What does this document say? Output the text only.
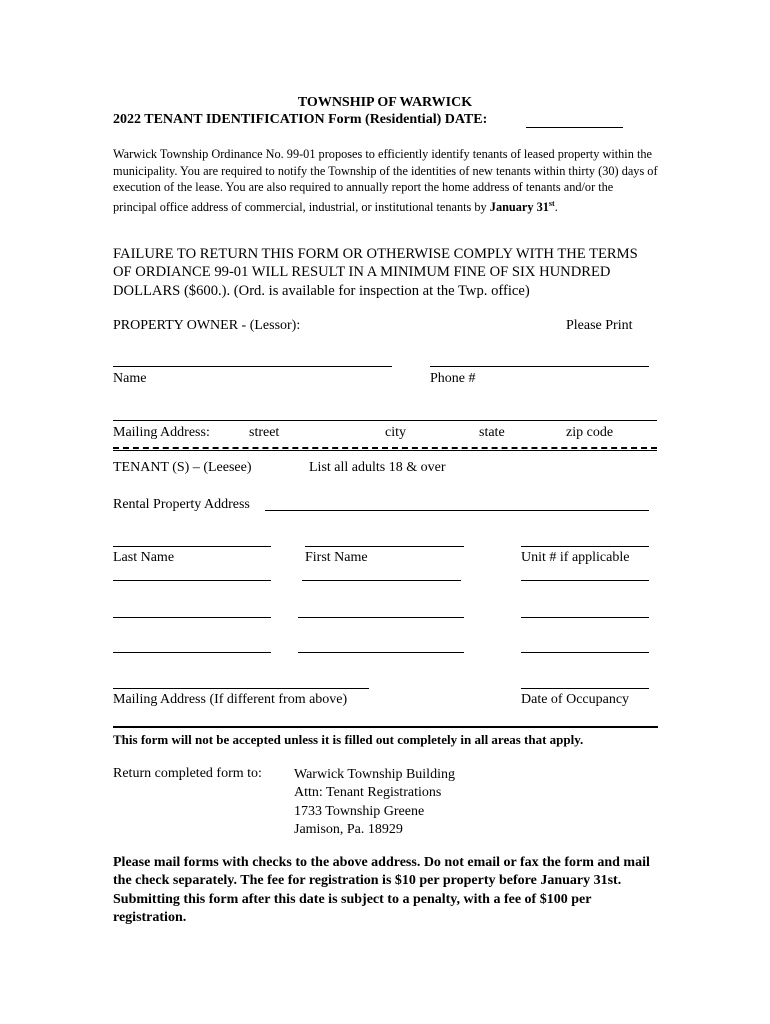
TOWNSHIP OF WARWICK
2022 TENANT IDENTIFICATION Form (Residential) DATE:
Warwick Township Ordinance No. 99-01 proposes to efficiently identify tenants of leased property within the municipality. You are required to notify the Township of the identities of new tenants within thirty (30) days of execution of the lease. You are also required to annually report the home address of tenants and/or the principal office address of commercial, industrial, or institutional tenants by January 31st.
FAILURE TO RETURN THIS FORM OR OTHERWISE COMPLY WITH THE TERMS OF ORDIANCE 99-01 WILL RESULT IN A MINIMUM FINE OF SIX HUNDRED DOLLARS ($600.). (Ord. is available for inspection at the Twp. office)
PROPERTY OWNER - (Lessor):	Please Print
Name	Phone #
Mailing Address:	street	city	state	zip code
TENANT (S) – (Leesee)	List all adults 18 & over
Rental Property Address
Last Name	First Name	Unit # if applicable
Mailing Address (If different from above)	Date of Occupancy
This form will not be accepted unless it is filled out completely in all areas that apply.
Return completed form to: Warwick Township Building
Attn: Tenant Registrations
1733 Township Greene
Jamison, Pa. 18929
Please mail forms with checks to the above address. Do not email or fax the form and mail the check separately. The fee for registration is $10 per property before January 31st. Submitting this form after this date is subject to a penalty, with a fee of $100 per registration.
